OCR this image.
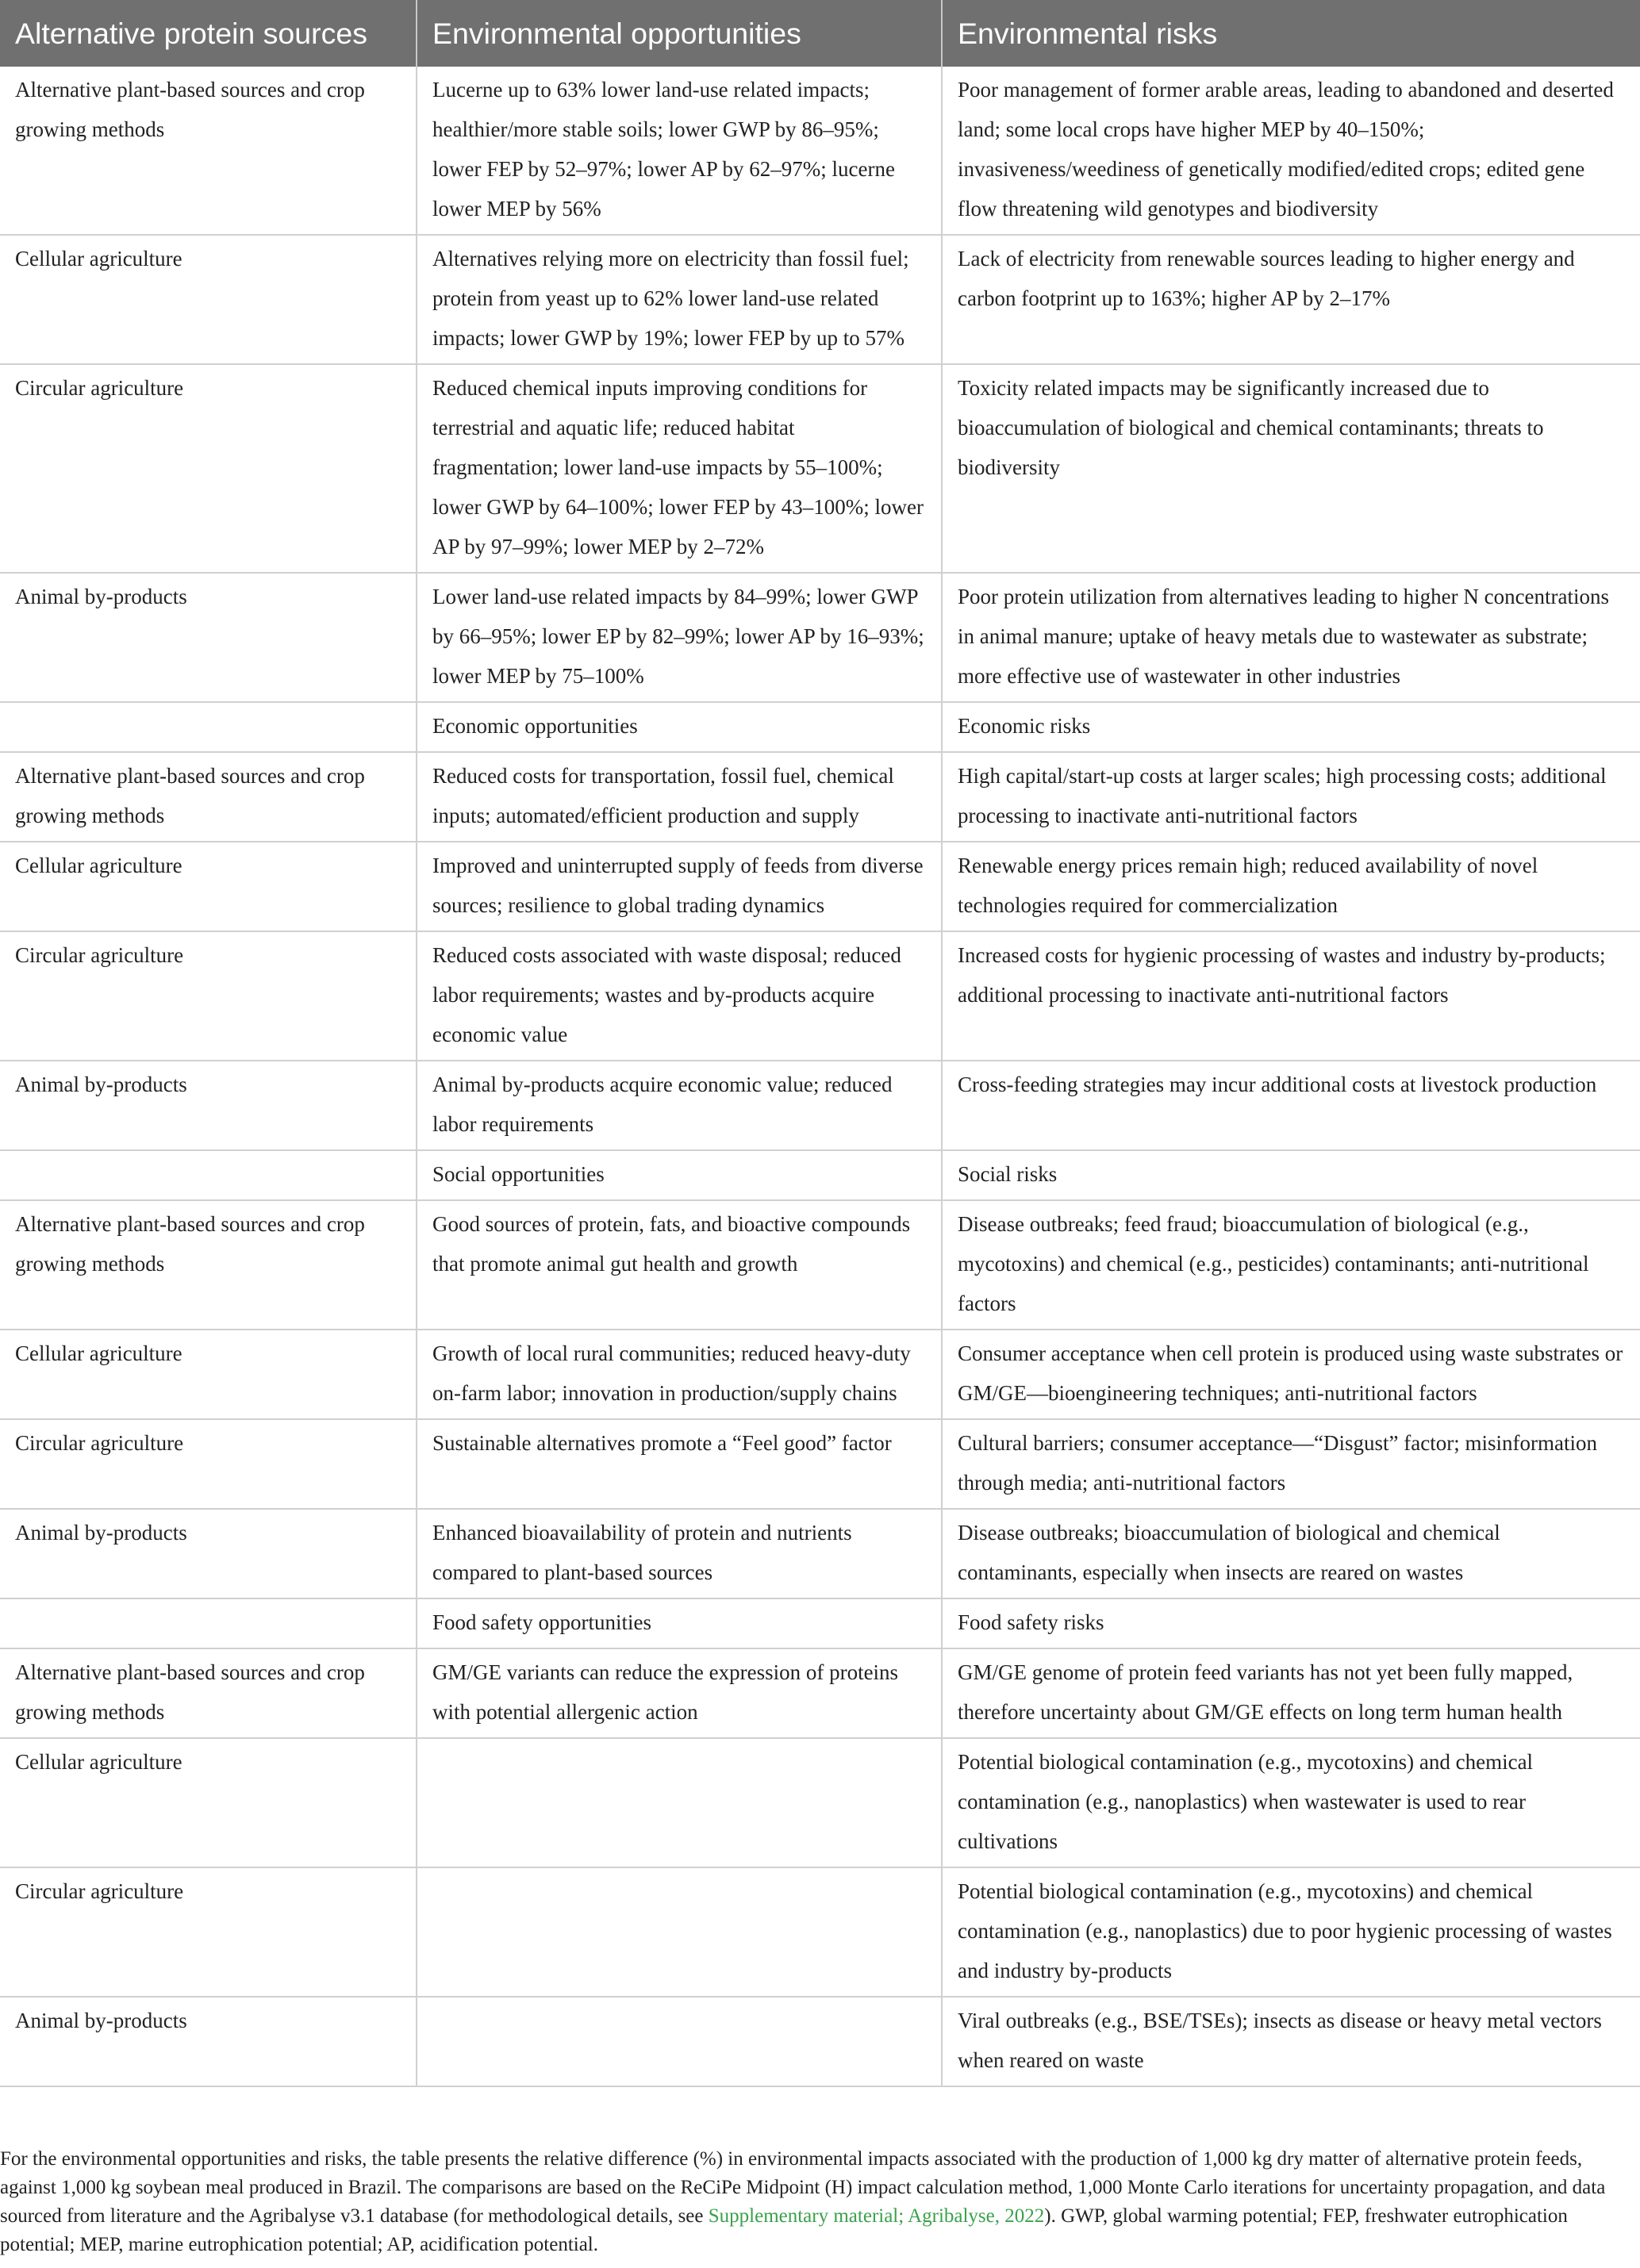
Alternative protein sources	Environmental opportunities	Environmental risks
Alternative plant-based sources and crop growing methods	Lucerne up to 63% lower land-use related impacts; healthier/more stable soils; lower GWP by 86–95%; lower FEP by 52–97%; lower AP by 62–97%; lucerne lower MEP by 56%	Poor management of former arable areas, leading to abandoned and deserted land; some local crops have higher MEP by 40–150%; invasiveness/weediness of genetically modified/edited crops; edited gene flow threatening wild genotypes and biodiversity
Cellular agriculture	Alternatives relying more on electricity than fossil fuel; protein from yeast up to 62% lower land-use related impacts; lower GWP by 19%; lower FEP by up to 57%	Lack of electricity from renewable sources leading to higher energy and carbon footprint up to 163%; higher AP by 2–17%
Circular agriculture	Reduced chemical inputs improving conditions for terrestrial and aquatic life; reduced habitat fragmentation; lower land-use impacts by 55–100%; lower GWP by 64–100%; lower FEP by 43–100%; lower AP by 97–99%; lower MEP by 2–72%	Toxicity related impacts may be significantly increased due to bioaccumulation of biological and chemical contaminants; threats to biodiversity
Animal by-products	Lower land-use related impacts by 84–99%; lower GWP by 66–95%; lower EP by 82–99%; lower AP by 16–93%; lower MEP by 75–100%	Poor protein utilization from alternatives leading to higher N concentrations in animal manure; uptake of heavy metals due to wastewater as substrate; more effective use of wastewater in other industries
	Economic opportunities	Economic risks
Alternative plant-based sources and crop growing methods	Reduced costs for transportation, fossil fuel, chemical inputs; automated/efficient production and supply	High capital/start-up costs at larger scales; high processing costs; additional processing to inactivate anti-nutritional factors
Cellular agriculture	Improved and uninterrupted supply of feeds from diverse sources; resilience to global trading dynamics	Renewable energy prices remain high; reduced availability of novel technologies required for commercialization
Circular agriculture	Reduced costs associated with waste disposal; reduced labor requirements; wastes and by-products acquire economic value	Increased costs for hygienic processing of wastes and industry by-products; additional processing to inactivate anti-nutritional factors
Animal by-products	Animal by-products acquire economic value; reduced labor requirements	Cross-feeding strategies may incur additional costs at livestock production
	Social opportunities	Social risks
Alternative plant-based sources and crop growing methods	Good sources of protein, fats, and bioactive compounds that promote animal gut health and growth	Disease outbreaks; feed fraud; bioaccumulation of biological (e.g., mycotoxins) and chemical (e.g., pesticides) contaminants; anti-nutritional factors
Cellular agriculture	Growth of local rural communities; reduced heavy-duty on-farm labor; innovation in production/supply chains	Consumer acceptance when cell protein is produced using waste substrates or GM/GE—bioengineering techniques; anti-nutritional factors
Circular agriculture	Sustainable alternatives promote a “Feel good” factor	Cultural barriers; consumer acceptance—“Disgust” factor; misinformation through media; anti-nutritional factors
Animal by-products	Enhanced bioavailability of protein and nutrients compared to plant-based sources	Disease outbreaks; bioaccumulation of biological and chemical contaminants, especially when insects are reared on wastes
	Food safety opportunities	Food safety risks
Alternative plant-based sources and crop growing methods	GM/GE variants can reduce the expression of proteins with potential allergenic action	GM/GE genome of protein feed variants has not yet been fully mapped, therefore uncertainty about GM/GE effects on long term human health
Cellular agriculture		Potential biological contamination (e.g., mycotoxins) and chemical contamination (e.g., nanoplastics) when wastewater is used to rear cultivations
Circular agriculture		Potential biological contamination (e.g., mycotoxins) and chemical contamination (e.g., nanoplastics) due to poor hygienic processing of wastes and industry by-products
Animal by-products		Viral outbreaks (e.g., BSE/TSEs); insects as disease or heavy metal vectors when reared on waste
For the environmental opportunities and risks, the table presents the relative difference (%) in environmental impacts associated with the production of 1,000 kg dry matter of alternative protein feeds, against 1,000 kg soybean meal produced in Brazil. The comparisons are based on the ReCiPe Midpoint (H) impact calculation method, 1,000 Monte Carlo iterations for uncertainty propagation, and data sourced from literature and the Agribalyse v3.1 database (for methodological details, see Supplementary material; Agribalyse, 2022). GWP, global warming potential; FEP, freshwater eutrophication potential; MEP, marine eutrophication potential; AP, acidification potential.
